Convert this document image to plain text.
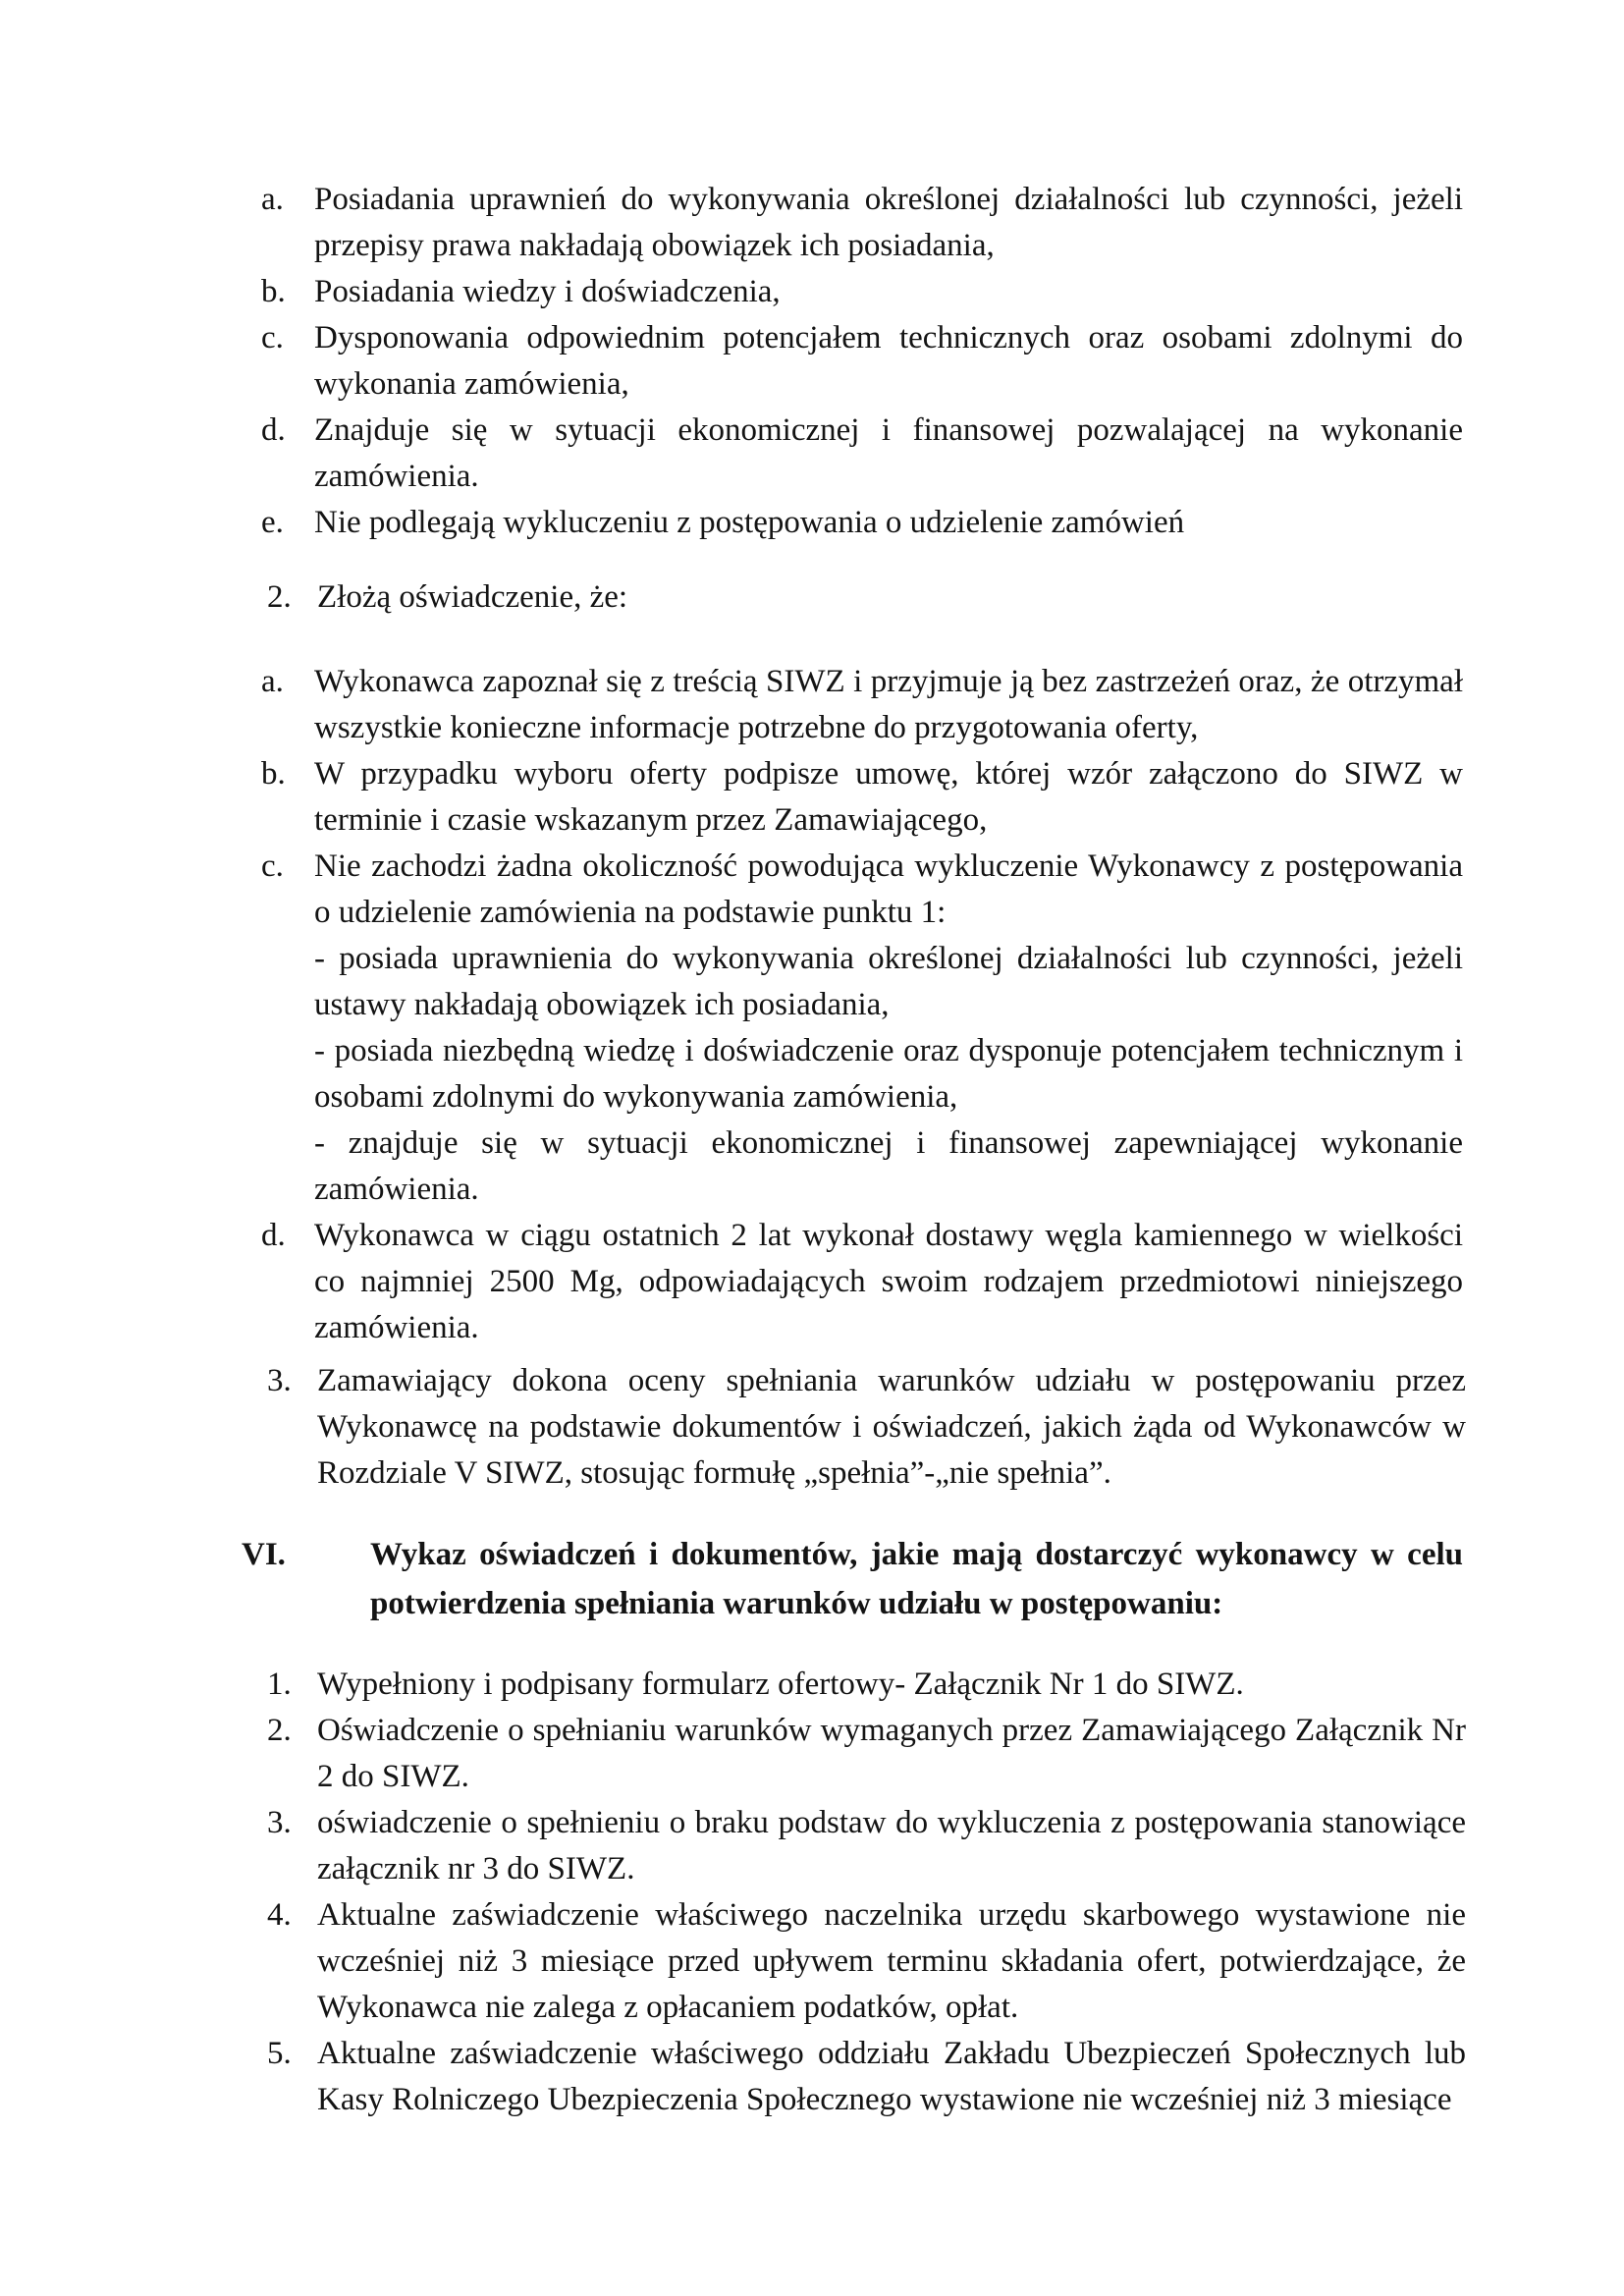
a. Posiadania uprawnień do wykonywania określonej działalności lub czynności, jeżeli przepisy prawa nakładają obowiązek ich posiadania,
b. Posiadania wiedzy i doświadczenia,
c. Dysponowania odpowiednim potencjałem technicznych oraz osobami zdolnymi do wykonania zamówienia,
d. Znajduje się w sytuacji ekonomicznej i finansowej pozwalającej na wykonanie zamówienia.
e. Nie podlegają wykluczeniu z postępowania o udzielenie zamówień
2. Złożą oświadczenie, że:
a. Wykonawca zapoznał się z treścią SIWZ i przyjmuje ją bez zastrzeżeń oraz, że otrzymał wszystkie konieczne informacje potrzebne do przygotowania oferty,
b. W przypadku wyboru oferty podpisze umowę, której wzór załączono do SIWZ w terminie i czasie wskazanym przez Zamawiającego,
c. Nie zachodzi żadna okoliczność powodująca wykluczenie Wykonawcy z postępowania o udzielenie zamówienia na podstawie punktu 1:
- posiada uprawnienia do wykonywania określonej działalności lub czynności, jeżeli ustawy nakładają obowiązek ich posiadania,
- posiada niezbędną wiedzę i doświadczenie oraz dysponuje potencjałem technicznym i osobami zdolnymi do wykonywania zamówienia,
- znajduje się w sytuacji ekonomicznej i finansowej zapewniającej wykonanie zamówienia.
d. Wykonawca w ciągu ostatnich 2 lat wykonał dostawy węgla kamiennego w wielkości co najmniej 2500 Mg, odpowiadających swoim rodzajem przedmiotowi niniejszego zamówienia.
3. Zamawiający dokona oceny spełniania warunków udziału w postępowaniu przez Wykonawcę na podstawie dokumentów i oświadczeń, jakich żąda od Wykonawców w Rozdziale V SIWZ, stosując formułę „spełnia”-„nie spełnia”.
VI.	Wykaz oświadczeń i dokumentów, jakie mają dostarczyć wykonawcy w celu potwierdzenia spełniania warunków udziału w postępowaniu:
1. Wypełniony i podpisany formularz ofertowy- Załącznik Nr 1 do SIWZ.
2. Oświadczenie o spełnianiu warunków wymaganych przez Zamawiającego Załącznik Nr 2 do SIWZ.
3. oświadczenie o spełnieniu o braku podstaw do wykluczenia z postępowania stanowiące załącznik nr 3 do SIWZ.
4. Aktualne zaświadczenie właściwego naczelnika urzędu skarbowego wystawione nie wcześniej niż 3 miesiące przed upływem terminu składania ofert, potwierdzające, że Wykonawca nie zalega z opłacaniem podatków, opłat.
5. Aktualne zaświadczenie właściwego oddziału Zakładu Ubezpieczeń Społecznych lub Kasy Rolniczego Ubezpieczenia Społecznego wystawione nie wcześniej niż 3 miesiące
